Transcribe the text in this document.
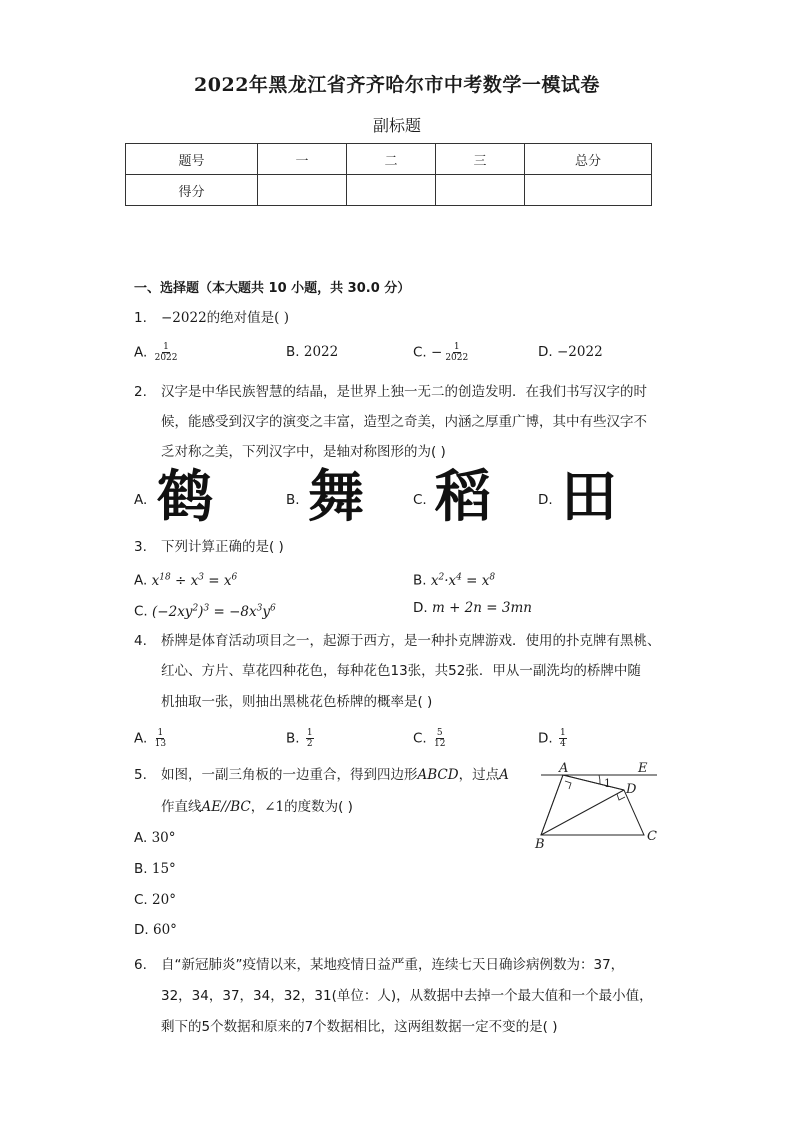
2022年黑龙江省齐齐哈尔市中考数学一模试卷
副标题
题号	一	二	三	总分
得分				
一、选择题（本大题共 10 小题，共 30.0 分）
1. −2022的绝对值是( )
A. $\frac{1}{2022}$	B. 2022	C. − $\frac{1}{2022}$	D. −2022
2. 汉字是中华民族智慧的结晶，是世界上独一无二的创造发明．在我们书写汉字的时
候，能感受到汉字的演变之丰富，造型之奇美，内涵之厚重广博，其中有些汉字不
乏对称之美，下列汉字中，是轴对称图形的为( )
A. 鹤	B. 舞	C. 稻	D. 田
3. 下列计算正确的是( )
A. $x^{18} \div x^3 = x^6$	B. $x^2\cdot x^4 = x^8$
C. $(-2xy^2)^3 = -8x^3y^6$	D. m + 2n = 3mn
4. 桥牌是体育活动项目之一，起源于西方，是一种扑克牌游戏．使用的扑克牌有黑桃、
红心、方片、草花四种花色，每种花色13张，共52张．甲从一副洗均的桥牌中随
机抽取一张，则抽出黑桃花色桥牌的概率是( )
A. $\frac{1}{13}$	B. $\frac{1}{2}$	C. $\frac{5}{12}$	D. $\frac{1}{4}$
5. 如图，一副三角板的一边重合，得到四边形ABCD，过点A
作直线AE//BC，∠1的度数为( )
A. 30°
B. 15°
C. 20°
D. 60°
A
B
C
D
E
1
6. 自“新冠肺炎”疫情以来，某地疫情日益严重，连续七天日确诊病例数为：37，
32，34，37，34，32，31(单位：人)，从数据中去掉一个最大值和一个最小值，
剩下的5个数据和原来的7个数据相比，这两组数据一定不变的是( )
